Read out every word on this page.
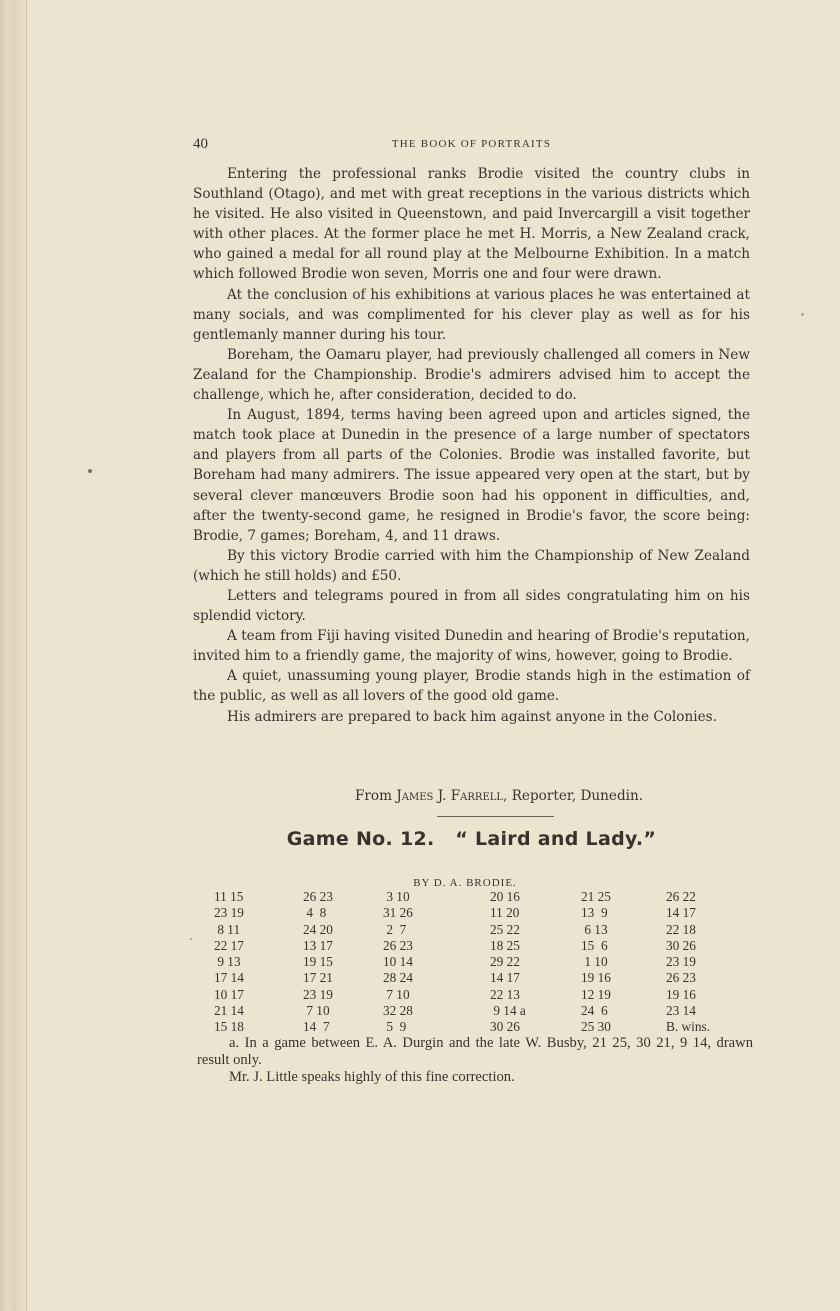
40	THE BOOK OF PORTRAITS

Entering the professional ranks Brodie visited the country clubs in Southland (Otago), and met with great receptions in the various districts which he visited. He also visited in Queenstown, and paid Invercargill a visit together with other places. At the former place he met H. Morris, a New Zealand crack, who gained a medal for all round play at the Melbourne Exhibition. In a match which followed Brodie won seven, Morris one and four were drawn.

At the conclusion of his exhibitions at various places he was entertained at many socials, and was complimented for his clever play as well as for his gentlemanly manner during his tour.

Boreham, the Oamaru player, had previously challenged all comers in New Zealand for the Championship. Brodie's admirers advised him to accept the challenge, which he, after consideration, decided to do.

In August, 1894, terms having been agreed upon and articles signed, the match took place at Dunedin in the presence of a large number of spectators and players from all parts of the Colonies. Brodie was installed favorite, but Boreham had many admirers. The issue appeared very open at the start, but by several clever manœuvers Brodie soon had his opponent in difficulties, and, after the twenty-second game, he resigned in Brodie's favor, the score being: Brodie, 7 games; Boreham, 4, and 11 draws.

By this victory Brodie carried with him the Championship of New Zealand (which he still holds) and £50.

Letters and telegrams poured in from all sides congratulating him on his splendid victory.

A team from Fiji having visited Dunedin and hearing of Brodie's reputation, invited him to a friendly game, the majority of wins, however, going to Brodie.

A quiet, unassuming young player, Brodie stands high in the estimation of the public, as well as all lovers of the good old game.

His admirers are prepared to back him against anyone in the Colonies.

From James J. Farrell, Reporter, Dunedin.
Game No. 12.   “ Laird and Lady.”
BY D. A. BRODIE.
11 15
23 19
8 11
22 17
9 13
17 14
10 17
21 14
15 18
26 23
4  8
24 20
13 17
19 15
17 21
23 19
7 10
14  7
3 10
31 26
2  7
26 23
10 14
28 24
7 10
32 28
5  9
20 16
11 20
25 22
18 25
29 22
14 17
22 13
9 14 a
30 26
21 25
13  9
6 13
15  6
1 10
19 16
12 19
24  6
25 30
26 22
14 17
22 18
30 26
23 19
26 23
19 16
23 14
B. wins.

a. In a game between E. A. Durgin and the late W. Busby, 21 25, 30 21, 9 14, drawn result only.

Mr. J. Little speaks highly of this fine correction.
